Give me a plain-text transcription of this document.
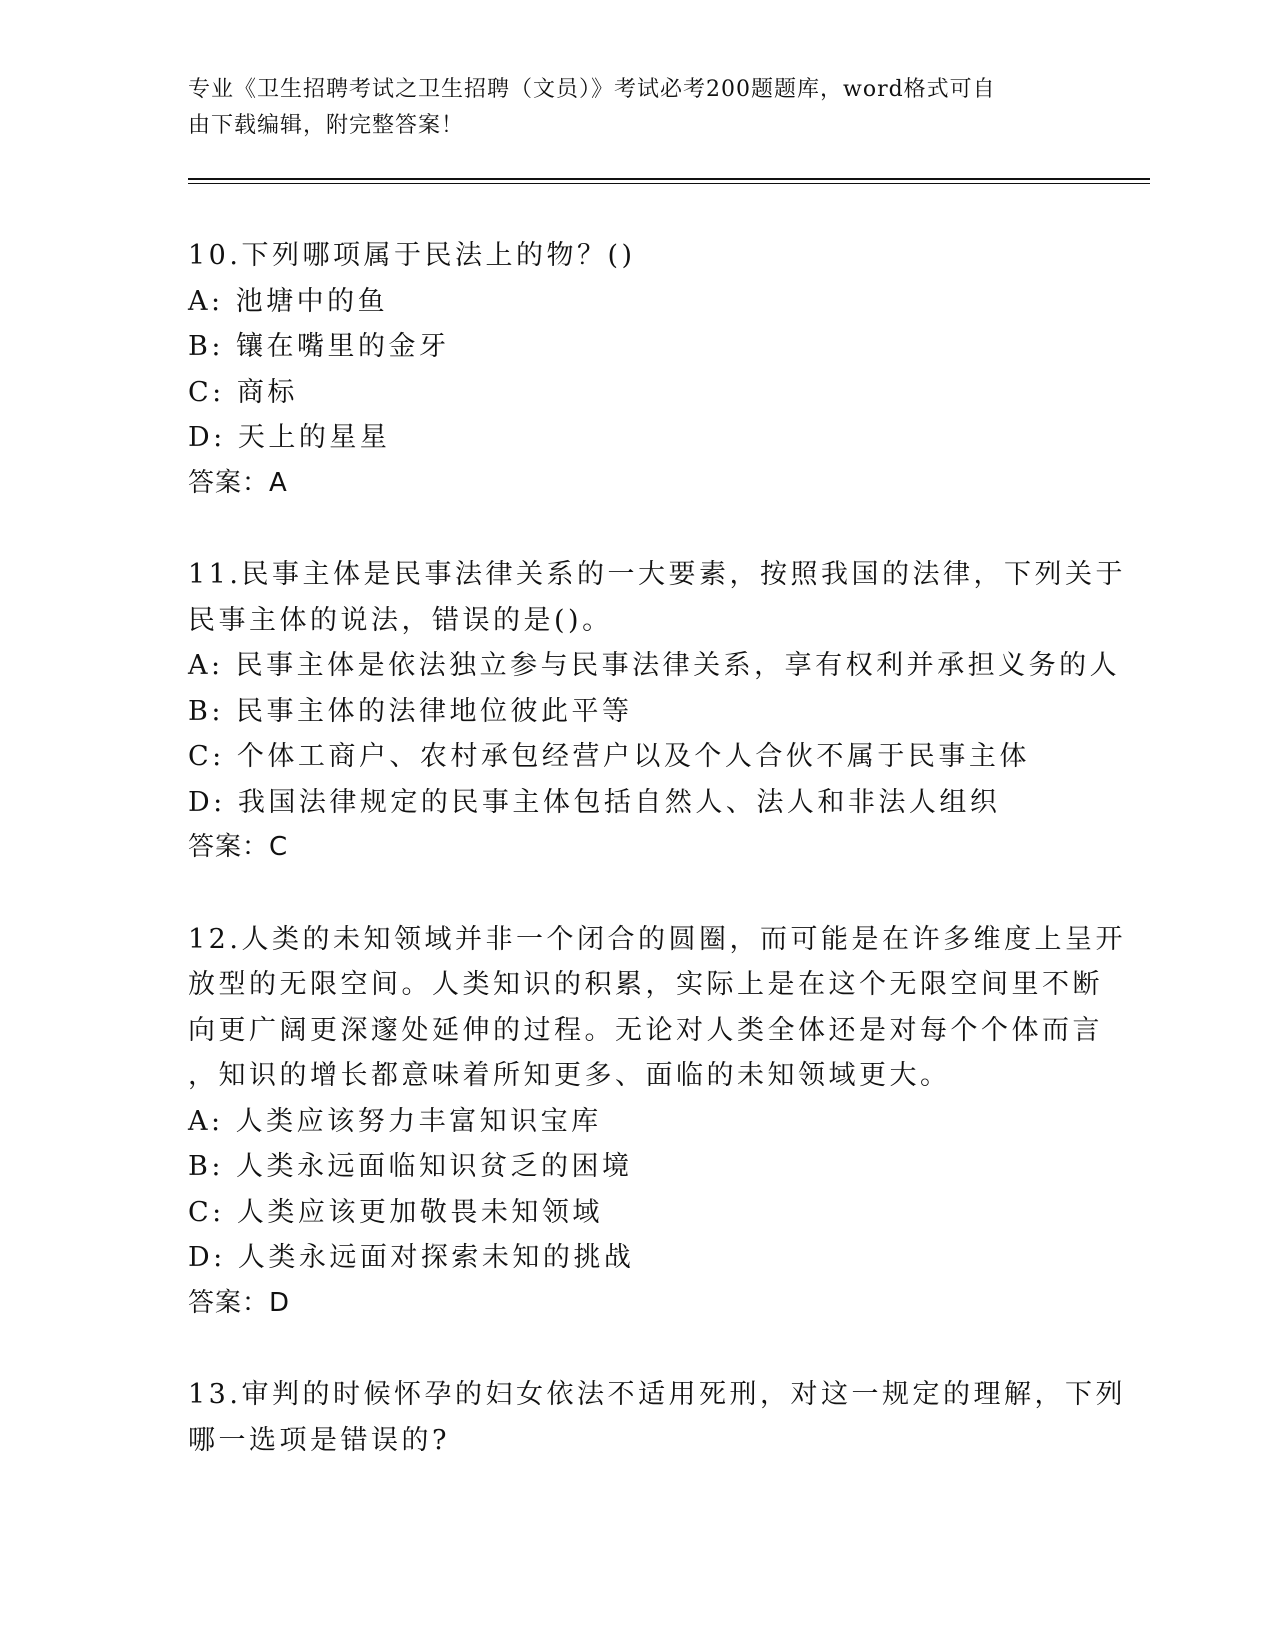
专业《卫生招聘考试之卫生招聘（文员）》考试必考200题题库，word格式可自
由下载编辑，附完整答案！
10.下列哪项属于民法上的物？()
A: 池塘中的鱼
B: 镶在嘴里的金牙
C: 商标
D: 天上的星星
答案：A
11.民事主体是民事法律关系的一大要素，按照我国的法律，下列关于
民事主体的说法，错误的是()。
A: 民事主体是依法独立参与民事法律关系，享有权利并承担义务的人
B: 民事主体的法律地位彼此平等
C: 个体工商户、农村承包经营户以及个人合伙不属于民事主体
D: 我国法律规定的民事主体包括自然人、法人和非法人组织
答案：C
12.人类的未知领域并非一个闭合的圆圈，而可能是在许多维度上呈开
放型的无限空间。人类知识的积累，实际上是在这个无限空间里不断
向更广阔更深邃处延伸的过程。无论对人类全体还是对每个个体而言
，知识的增长都意味着所知更多、面临的未知领域更大。
A: 人类应该努力丰富知识宝库
B: 人类永远面临知识贫乏的困境
C: 人类应该更加敬畏未知领域
D: 人类永远面对探索未知的挑战
答案：D
13.审判的时候怀孕的妇女依法不适用死刑，对这一规定的理解，下列
哪一选项是错误的?
